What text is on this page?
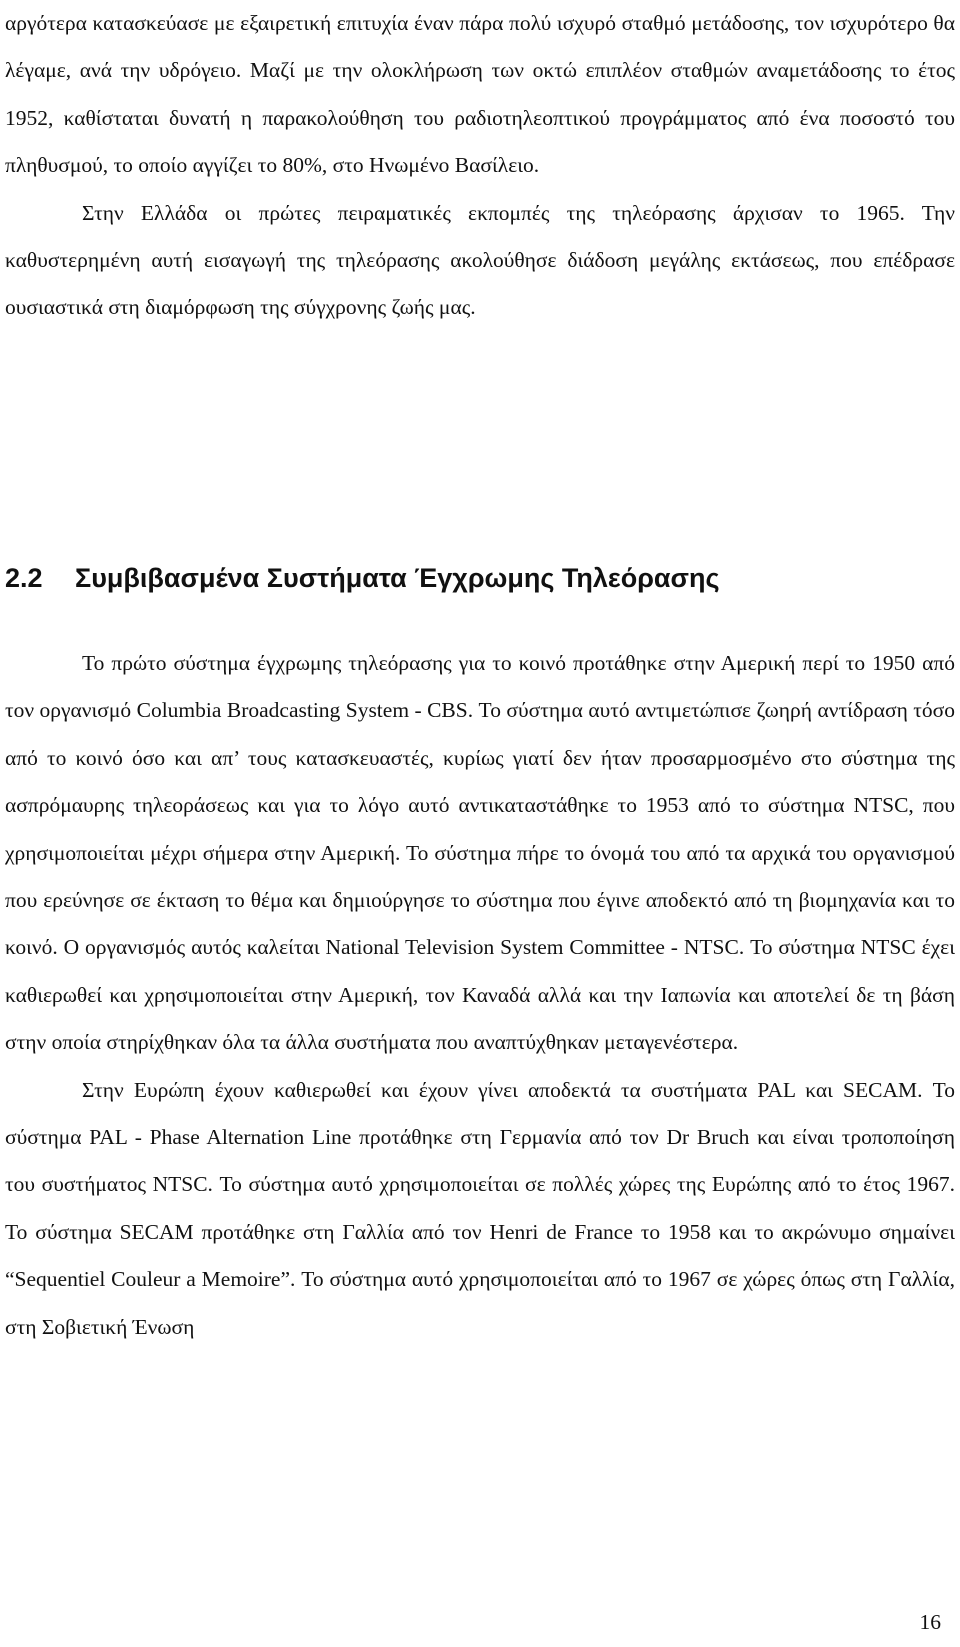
αργότερα κατασκεύασε με εξαιρετική επιτυχία έναν πάρα πολύ ισχυρό σταθμό μετάδοσης, τον ισχυρότερο θα λέγαμε, ανά την υδρόγειο. Μαζί με την ολοκλήρωση των οκτώ επιπλέον σταθμών αναμετάδοσης το έτος 1952, καθίσταται δυνατή η παρακολούθηση του ραδιοτηλεοπτικού προγράμματος από ένα ποσοστό του πληθυσμού, το οποίο αγγίζει το 80%, στο Ηνωμένο Βασίλειο.

Στην Ελλάδα οι πρώτες πειραματικές εκπομπές της τηλεόρασης άρχισαν το 1965. Την καθυστερημένη αυτή εισαγωγή της τηλεόρασης ακολούθησε διάδοση μεγάλης εκτάσεως, που επέδρασε ουσιαστικά στη διαμόρφωση της σύγχρονης ζωής μας.

2.2 Συμβιβασμένα Συστήματα Έγχρωμης Τηλεόρασης

Το πρώτο σύστημα έγχρωμης τηλεόρασης για το κοινό προτάθηκε στην Αμερική περί το 1950 από τον οργανισμό Columbia Broadcasting System - CBS. Το σύστημα αυτό αντιμετώπισε ζωηρή αντίδραση τόσο από το κοινό όσο και απ’ τους κατασκευαστές, κυρίως γιατί δεν ήταν προσαρμοσμένο στο σύστημα της ασπρόμαυρης τηλεοράσεως και για το λόγο αυτό αντικαταστάθηκε το 1953 από το σύστημα NTSC, που χρησιμοποιείται μέχρι σήμερα στην Αμερική. Το σύστημα πήρε το όνομά του από τα αρχικά του οργανισμού που ερεύνησε σε έκταση το θέμα και δημιούργησε το σύστημα που έγινε αποδεκτό από τη βιομηχανία και το κοινό. Ο οργανισμός αυτός καλείται National Television System Committee - NTSC. Το σύστημα NTSC έχει καθιερωθεί και χρησιμοποιείται στην Αμερική, τον Καναδά αλλά και την Ιαπωνία και αποτελεί δε τη βάση στην οποία στηρίχθηκαν όλα τα άλλα συστήματα που αναπτύχθηκαν μεταγενέστερα.

Στην Ευρώπη έχουν καθιερωθεί και έχουν γίνει αποδεκτά τα συστήματα PAL και SECAM. Το σύστημα PAL - Phase Alternation Line προτάθηκε στη Γερμανία από τον Dr Bruch και είναι τροποποίηση του συστήματος NTSC. Το σύστημα αυτό χρησιμοποιείται σε πολλές χώρες της Ευρώπης από το έτος 1967. Το σύστημα SECAM προτάθηκε στη Γαλλία από τον Henri de France το 1958 και το ακρώνυμο σημαίνει “Sequentiel Couleur a Memoire”. Το σύστημα αυτό χρησιμοποιείται από το 1967 σε χώρες όπως στη Γαλλία, στη Σοβιετική Ένωση

16
